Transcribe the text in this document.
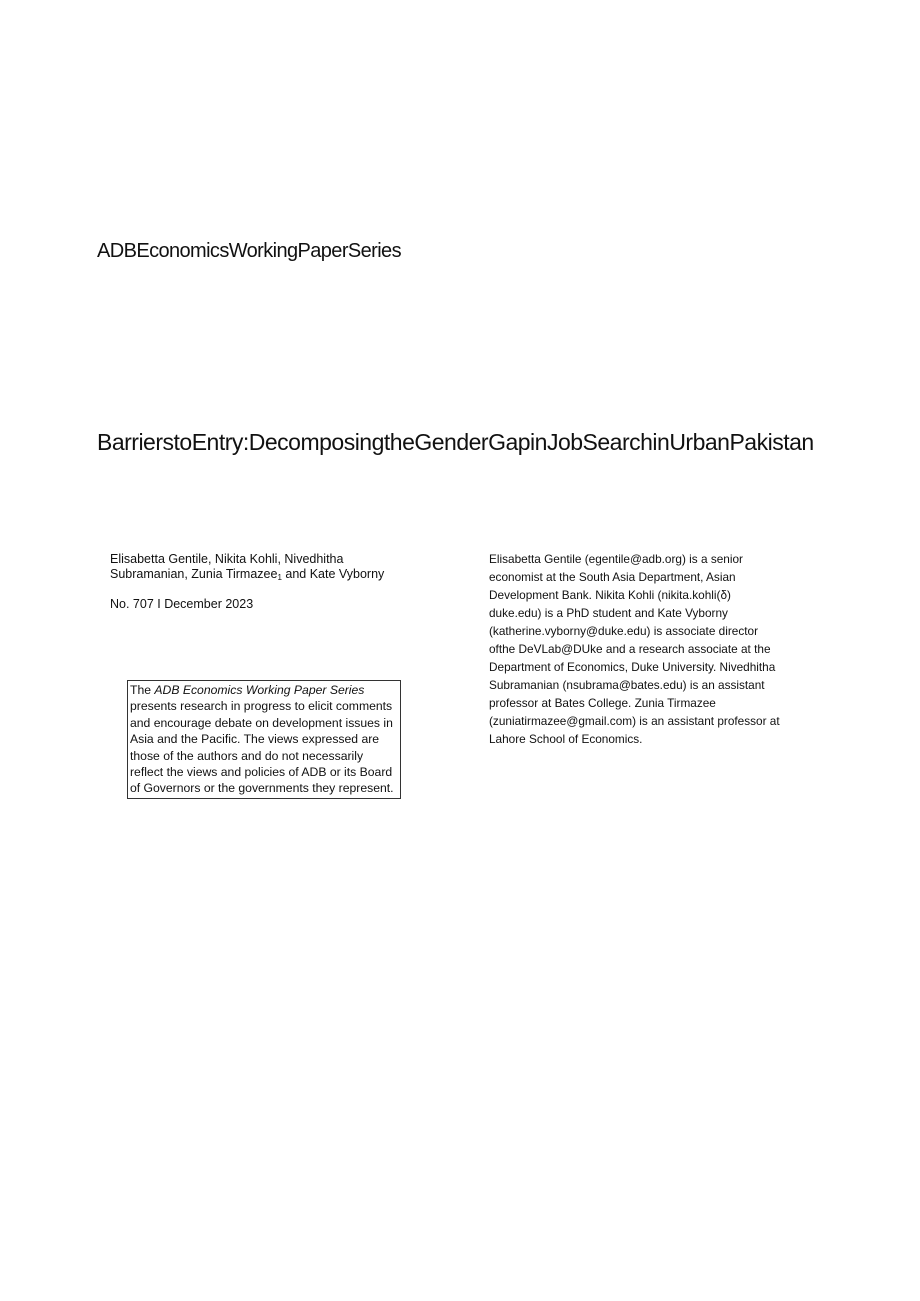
ADBEconomicsWorkingPaperSeries
BarrierstoEntry:DecomposingtheGenderGapinJobSearchinUrbanPakistan
Elisabetta Gentile, Nikita Kohli, Nivedhitha
Subramanian, Zunia Tirmazee$_1$ and Kate Vyborny
No. 707 I December 2023
The ADB Economics Working Paper Series presents research in progress to elicit comments and encourage debate on development issues in Asia and the Pacific. The views expressed are those of the authors and do not necessarily reflect the views and policies of ADB or its Board of Governors or the governments they represent.
Elisabetta Gentile (egentile@adb.org) is a senior
economist at the South Asia Department, Asian
Development Bank. Nikita Kohli (nikita.kohli(δ)
duke.edu) is a PhD student and Kate Vyborny
(katherine.vyborny@duke.edu) is associate director
ofthe DeVLab@DUke and a research associate at the
Department of Economics, Duke University. Nivedhitha
Subramanian (nsubrama@bates.edu) is an assistant
professor at Bates College. Zunia Tirmazee
(zuniatirmazee@gmail.com) is an assistant professor at
Lahore School of Economics.
